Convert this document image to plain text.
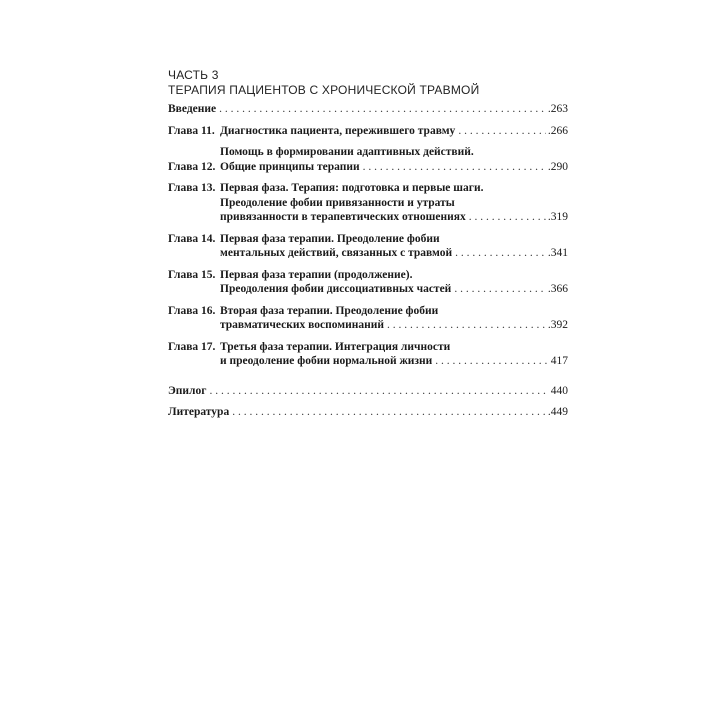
ЧАСТЬ 3
ТЕРАПИЯ ПАЦИЕНТОВ С ХРОНИЧЕСКОЙ ТРАВМОЙ
Введение . . .	.263
Глава 11. Диагностика пациента, пережившего травму . . .	.266
Глава 12.
Помощь в формировании адаптивных действий.
Общие принципы терапии . . .	.290
Глава 13. Первая фаза. Терапия: подготовка и первые шаги.
Преодоление фобии привязанности и утраты
привязанности в терапевтических отношениях . . .	.319
Глава 14. Первая фаза терапии. Преодоление фобии
ментальных действий, связанных с травмой . . .	.341
Глава 15. Первая фаза терапии (продолжение).
Преодоления фобии диссоциативных частей . . .	.366
Глава 16. Вторая фаза терапии. Преодоление фобии
травматических воспоминаний . . .	.392
Глава 17. Третья фаза терапии. Интеграция личности
и преодоление фобии нормальной жизни . . .	417
Эпилог . . .	440
Литература . . .	.449
